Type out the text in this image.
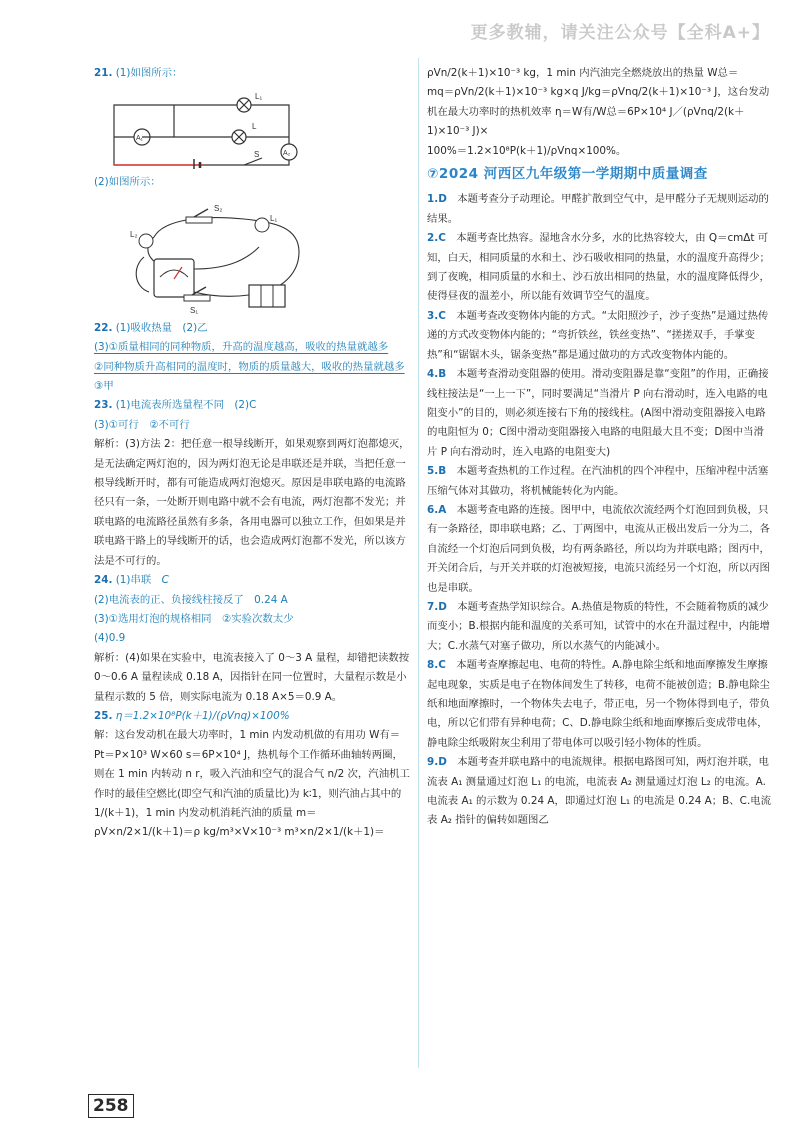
更多教辅，请关注公众号【全科A+】

21. (1)如图所示：

L₁
L
A₁
A₂
S

(2)如图所示：

S₂
L₂
L₁
S₁

22. (1)吸收热量　(2)乙

(3)①质量相同的同种物质，升高的温度越高，吸收的热量就越多

②同种物质升高相同的温度时，物质的质量越大，吸收的热量就越多

③甲

23. (1)电流表所选量程不同　(2)C

(3)①可行　②不可行

解析：(3)方法 2：把任意一根导线断开，如果观察到两灯泡都熄灭，是无法确定两灯泡的，因为两灯泡无论是串联还是并联，当把任意一根导线断开时，都有可能造成两灯泡熄灭。原因是串联电路的电流路径只有一条，一处断开则电路中就不会有电流，两灯泡都不发光；并联电路的电流路径虽然有多条，各用电器可以独立工作，但如果是并联电路干路上的导线断开的话，也会造成两灯泡都不发光，所以该方法是不可行的。

24. (1)串联　C

(2)电流表的正、负接线柱接反了　0.24 A

(3)①选用灯泡的规格相同　②实验次数太少

(4)0.9

解析：(4)如果在实验中，电流表接入了 0～3 A 量程，却错把读数按 0～0.6 A 量程读成 0.18 A，因指针在同一位置时，大量程示数是小量程示数的 5 倍，则实际电流为 0.18 A×5＝0.9 A。

25. η＝1.2×10⁸P(k＋1)/(ρVnq)×100%

解：这台发动机在最大功率时，1 min 内发动机做的有用功 W有＝Pt＝P×10³ W×60 s＝6P×10⁴ J，热机每个工作循环曲轴转两圈，则在 1 min 内转动 n r，吸入汽油和空气的混合气 n/2 次，汽油机工作时的最佳空燃比(即空气和汽油的质量比)为 k∶1，则汽油占其中的 1/(k＋1)，1 min 内发动机消耗汽油的质量 m＝

ρV×n/2×1/(k＋1)＝ρ kg/m³×V×10⁻³ m³×n/2×1/(k＋1)＝

ρVn/2(k＋1)×10⁻³ kg，1 min 内汽油完全燃烧放出的热量 W总＝

mq＝ρVn/2(k＋1)×10⁻³ kg×q J/kg＝ρVnq/2(k＋1)×10⁻³ J，这台发动

机在最大功率时的热机效率 η＝W有/W总＝6P×10⁴ J／(ρVnq/2(k＋1)×10⁻³ J)×

100%＝1.2×10⁸P(k＋1)/ρVnq×100%。

⑦2024 河西区九年级第一学期期中质量调查

1.D　 本题考查分子动理论。甲醛扩散到空气中，是甲醛分子无规则运动的结果。

2.C　 本题考查比热容。湿地含水分多，水的比热容较大，由 Q＝cmΔt 可知，白天，相同质量的水和土、沙石吸收相同的热量，水的温度升高得少；到了夜晚，相同质量的水和土、沙石放出相同的热量，水的温度降低得少，使得昼夜的温差小，所以能有效调节空气的温度。

3.C　 本题考查改变物体内能的方式。“太阳照沙子，沙子变热”是通过热传递的方式改变物体内能的；“弯折铁丝，铁丝变热”、“搓搓双手，手掌变热”和“锯锯木头，锯条变热”都是通过做功的方式改变物体内能的。

4.B　 本题考查滑动变阻器的使用。滑动变阻器是靠“变阻”的作用，正确接线柱接法是“一上一下”，同时要满足“当滑片 P 向右滑动时，连入电路的电阻变小”的目的，则必须连接右下角的接线柱。(A图中滑动变阻器接入电路的电阻恒为 0；C图中滑动变阻器接入电路的电阻最大且不变；D图中当滑片 P 向右滑动时，连入电路的电阻变大)

5.B　 本题考查热机的工作过程。在汽油机的四个冲程中，压缩冲程中活塞压缩气体对其做功，将机械能转化为内能。

6.A　 本题考查电路的连接。图甲中，电流依次流经两个灯泡回到负极，只有一条路径，即串联电路；乙、丁两图中，电流从正极出发后一分为二，各自流经一个灯泡后同到负极，均有两条路径，所以均为并联电路；图丙中，开关闭合后，与开关并联的灯泡被短接，电流只流经另一个灯泡，所以丙图也是串联。

7.D　 本题考查热学知识综合。A.热值是物质的特性，不会随着物质的减少而变小；B.根据内能和温度的关系可知，试管中的水在升温过程中，内能增大；C.水蒸气对塞子做功，所以水蒸气的内能减小。

8.C　 本题考查摩擦起电、电荷的特性。A.静电除尘纸和地面摩擦发生摩擦起电现象，实质是电子在物体间发生了转移，电荷不能被创造；B.静电除尘纸和地面摩擦时，一个物体失去电子，带正电，另一个物体得到电子，带负电，所以它们带有异种电荷；C、D.静电除尘纸和地面摩擦后变成带电体，静电除尘纸吸附灰尘利用了带电体可以吸引轻小物体的性质。

9.D　 本题考查并联电路中的电流规律。根据电路图可知，两灯泡并联，电流表 A₁ 测量通过灯泡 L₁ 的电流，电流表 A₂ 测量通过灯泡 L₂ 的电流。A.电流表 A₁ 的示数为 0.24 A，即通过灯泡 L₁ 的电流是 0.24 A；B、C.电流表 A₂ 指针的偏转如题图乙

258
